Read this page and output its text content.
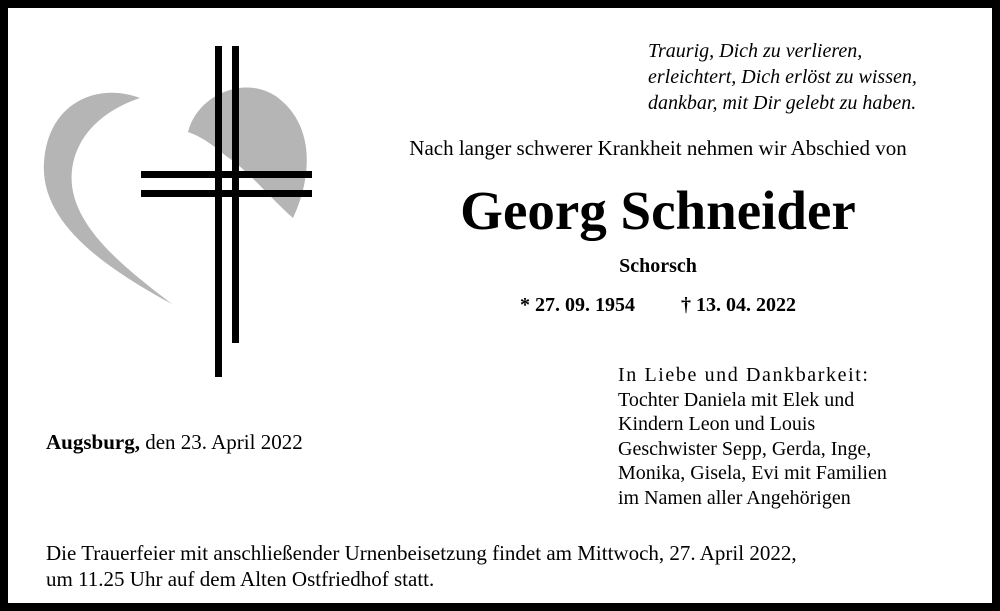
Traurig, Dich zu verlieren,
erleichtert, Dich erlöst zu wissen,
dankbar, mit Dir gelebt zu haben.
Nach langer schwerer Krankheit nehmen wir Abschied von
Georg Schneider
Schorsch
* 27. 09. 1954 † 13. 04. 2022
In Liebe und Dankbarkeit:
Tochter Daniela mit Elek und
Kindern Leon und Louis
Geschwister Sepp, Gerda, Inge,
Monika, Gisela, Evi mit Familien
im Namen aller Angehörigen
Augsburg, den 23. April 2022
Die Trauerfeier mit anschließender Urnenbeisetzung findet am Mittwoch, 27. April 2022,
um 11.25 Uhr auf dem Alten Ostfriedhof statt.
